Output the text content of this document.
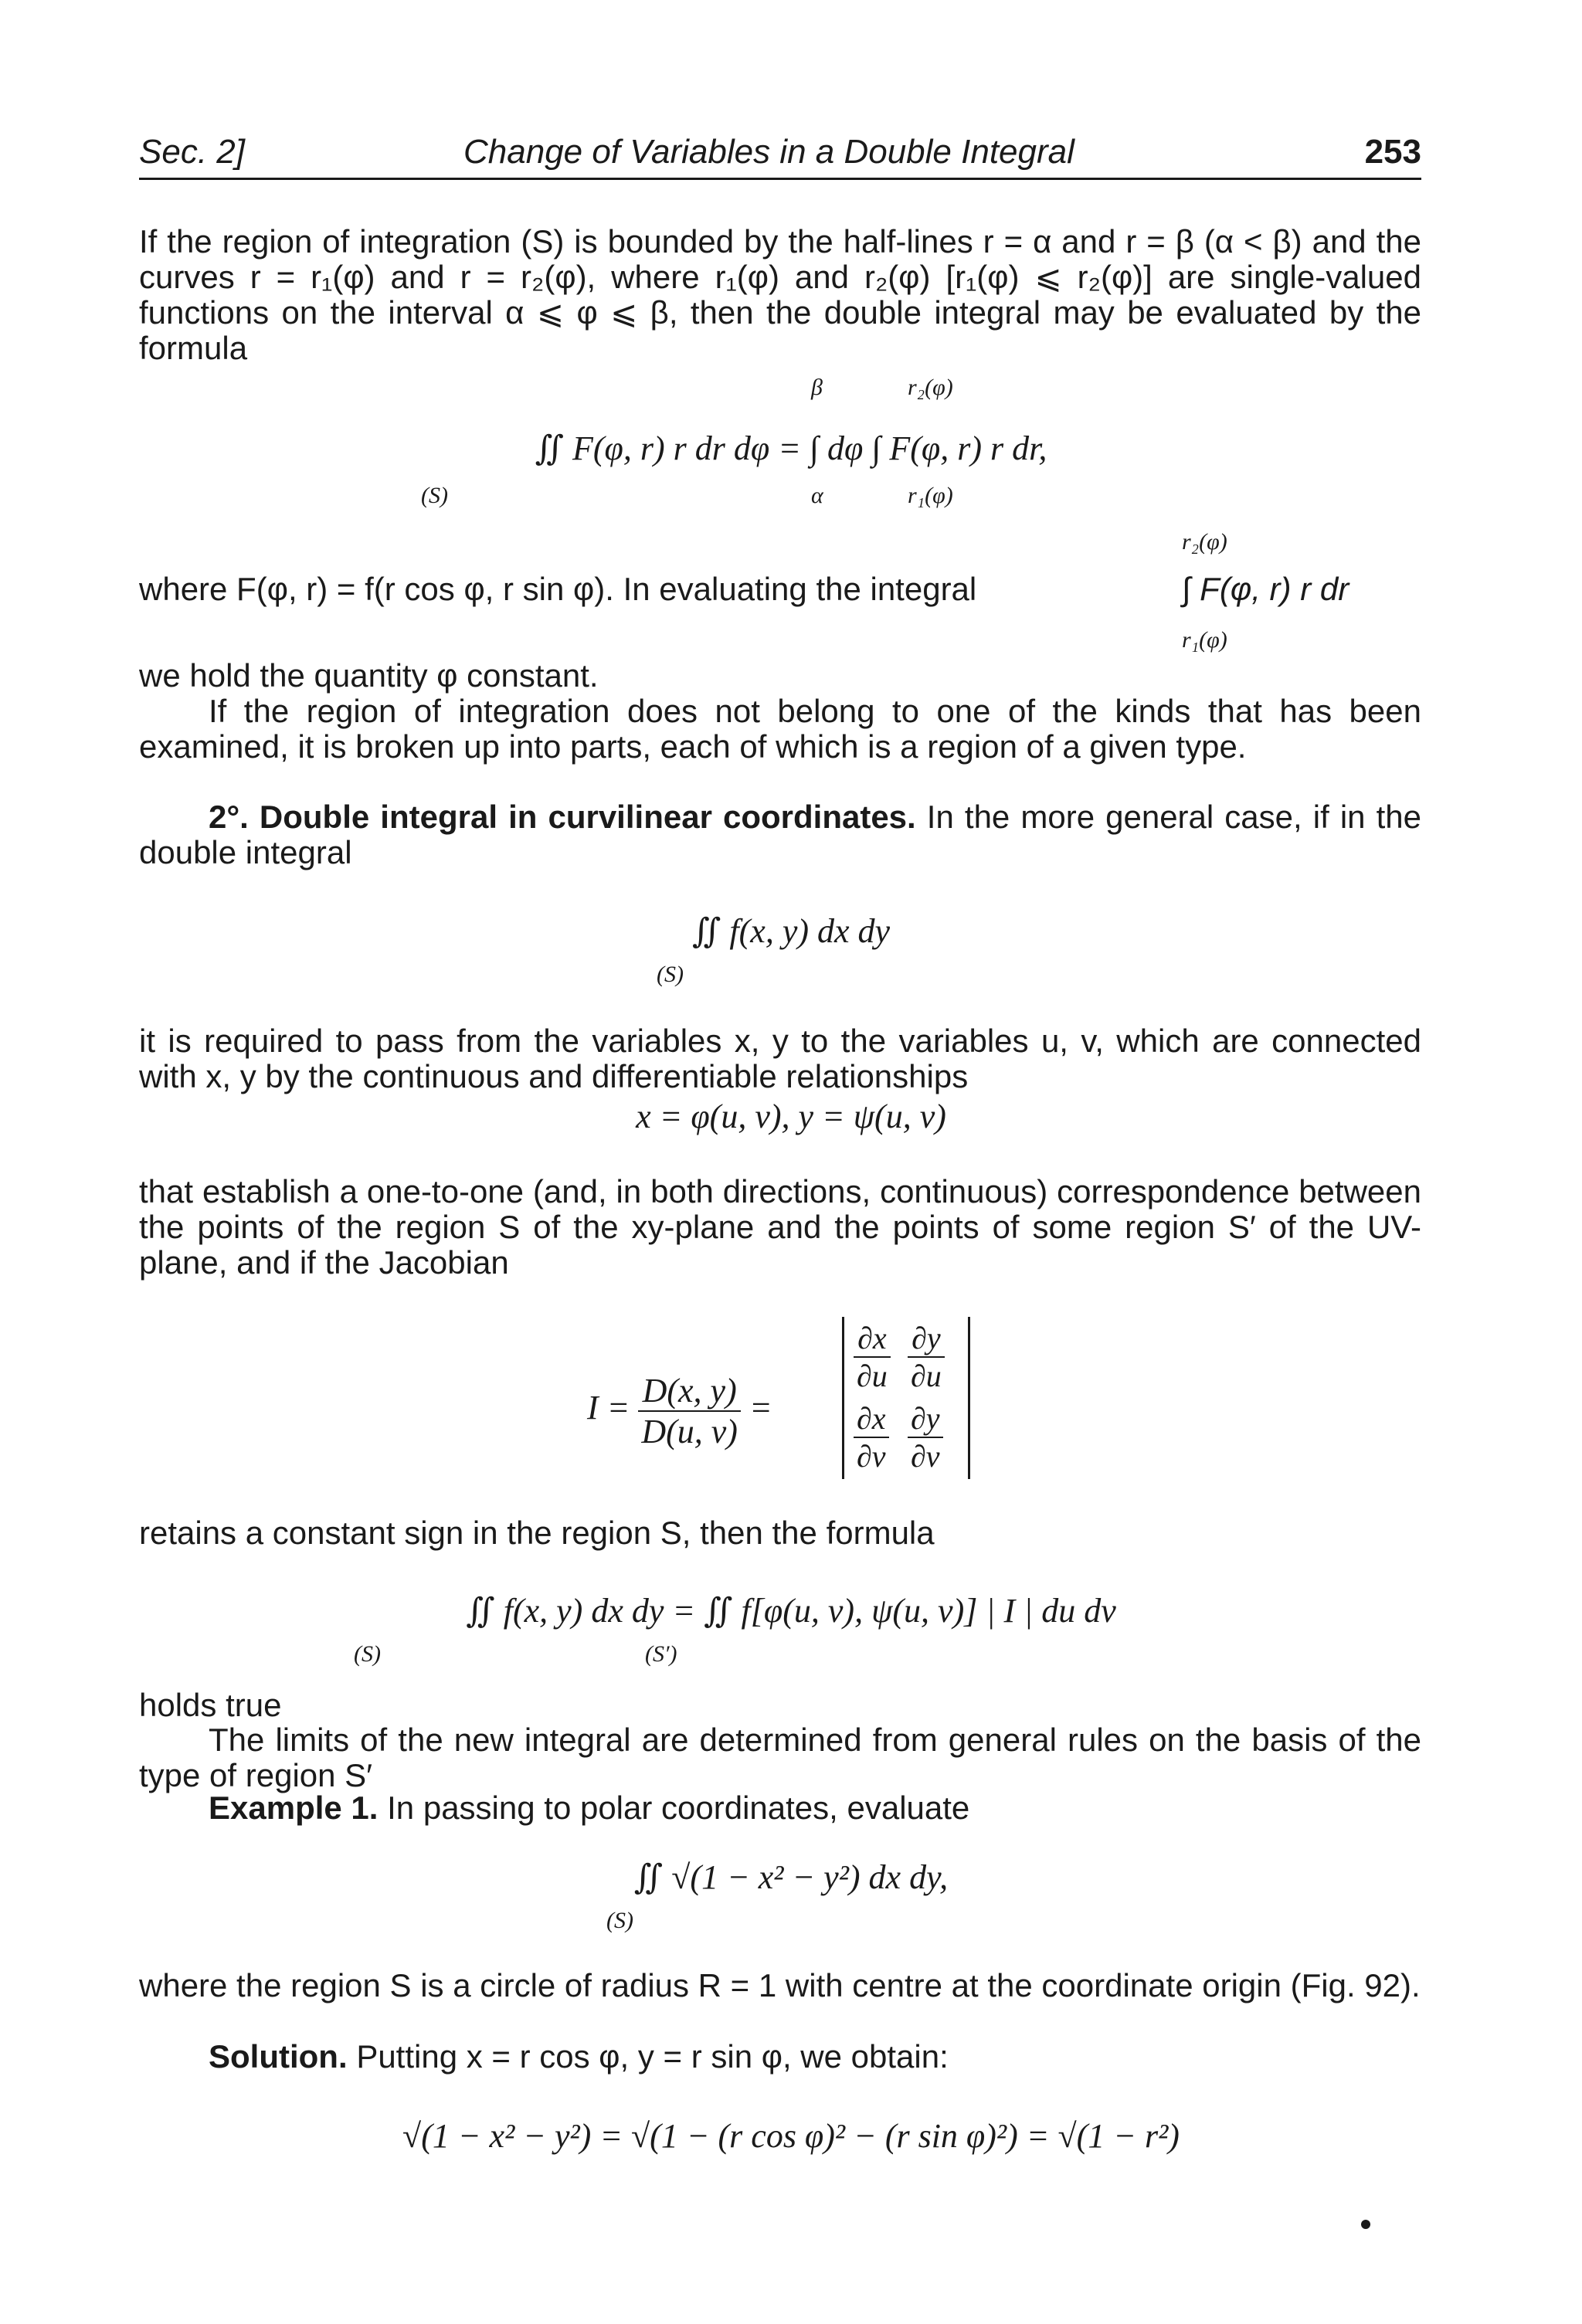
Sec. 2]	Change of Variables in a Double Integral	253
If the region of integration (S) is bounded by the half-lines r = α and r = β (α < β) and the curves r = r₁(φ) and r = r₂(φ), where r₁(φ) and r₂(φ) [r₁(φ) ⩽ r₂(φ)] are single-valued functions on the interval α ⩽ φ ⩽ β, then the double integral may be evaluated by the formula
β	r₂(φ)
∬ F(φ, r) r dr dφ = ∫ dφ ∫ F(φ, r) r dr,
(S)	α	r₁(φ)
r₂(φ)
where F(φ, r) = f(r cos φ, r sin φ). In evaluating the integral	∫ F(φ, r) r dr
r₁(φ)
we hold the quantity φ constant.
If the region of integration does not belong to one of the kinds that has been examined, it is broken up into parts, each of which is a region of a given type.
2°. Double integral in curvilinear coordinates. In the more general case, if in the double integral
∬ f(x, y) dx dy
(S)
it is required to pass from the variables x, y to the variables u, v, which are connected with x, y by the continuous and differentiable relationships
x = φ(u, v), y = ψ(u, v)
that establish a one-to-one (and, in both directions, continuous) correspondence between the points of the region S of the xy-plane and the points of some region S′ of the UV-plane, and if the Jacobian
$I = \frac{D(x, y)}{D(u, v)}$ =
$\frac{\partial x}{\partial u} \frac{\partial y}{\partial u}$
$\frac{\partial x}{\partial v} \frac{\partial y}{\partial v}$
retains a constant sign in the region S, then the formula
∬ f(x, y) dx dy = ∬ f[φ(u, v), ψ(u, v)] | I | du dv
(S)	(S′)
holds true
The limits of the new integral are determined from general rules on the basis of the type of region S′
Example 1. In passing to polar coordinates, evaluate
∬ √(1 − x² − y²) dx dy,
(S)
where the region S is a circle of radius R = 1 with centre at the coordinate origin (Fig. 92).
Solution. Putting x = r cos φ, y = r sin φ, we obtain:
√(1 − x² − y²) = √(1 − (r cos φ)² − (r sin φ)²) = √(1 − r²)
